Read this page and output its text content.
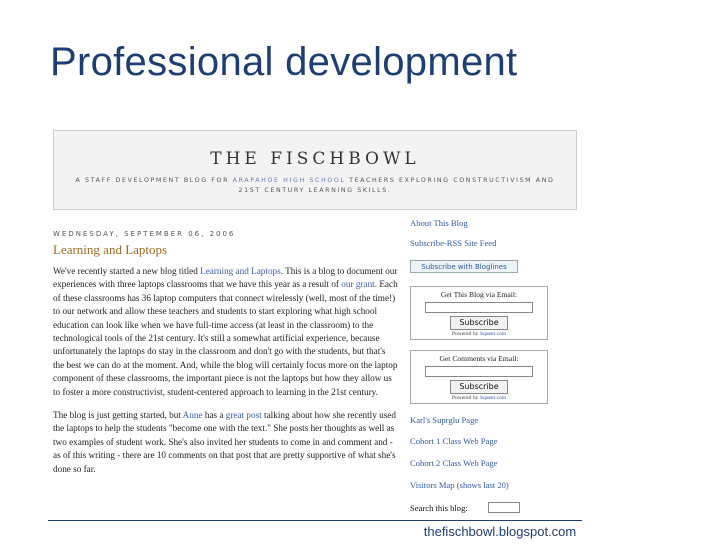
Professional development
THE FISCHBOWL
A STAFF DEVELOPMENT BLOG FOR ARAPAHOE HIGH SCHOOL TEACHERS EXPLORING CONSTRUCTIVISM AND 21ST CENTURY LEARNING SKILLS.
WEDNESDAY, SEPTEMBER 06, 2006
Learning and Laptops

We've recently started a new blog titled Learning and Laptops. This is a blog to document our experiences with three laptops classrooms that we have this year as a result of our grant. Each of these classrooms has 36 laptop computers that connect wirelessly (well, most of the time!) to our network and allow these teachers and students to start exploring what high school education can look like when we have full-time access (at least in the classroom) to the technological tools of the 21st century. It's still a somewhat artificial experience, because unfortunately the laptops do stay in the classroom and don't go with the students, but that's the best we can do at the moment. And, while the blog will certainly focus more on the laptop component of these classrooms, the important piece is not the laptops but how they allow us to foster a more constructivist, student-centered approach to learning in the 21st century.

The blog is just getting started, but Anne has a great post talking about how she recently used the laptops to help the students "become one with the text." She posts her thoughts as well as two examples of student work. She's also invited her students to come in and comment and - as of this writing - there are 10 comments on that post that are pretty supportive of what she's done so far.

About This Blog
Subscribe-RSS Site Feed
Subscribe with Bloglines
Get This Blog via Email:
Subscribe
Powered by Squeet.com
Get Comments via Email:
Subscribe
Powered by Squeet.com
Karl's Suprglu Page
Cohort 1 Class Web Page
Cohort 2 Class Web Page
Visitors Map (shows last 20)
Search this blog:
thefischbowl.blogspot.com
